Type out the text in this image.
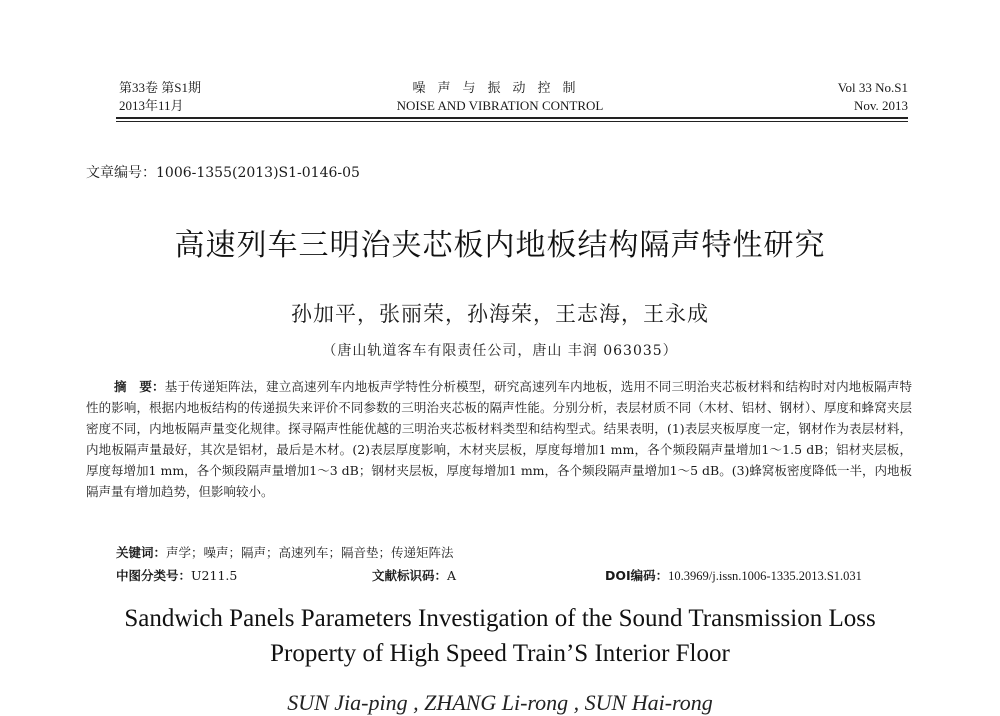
第33卷 第S1期
2013年11月
噪声与振动控制
NOISE AND VIBRATION CONTROL
Vol 33 No.S1
Nov. 2013
文章编号：1006-1355(2013)S1-0146-05
高速列车三明治夹芯板内地板结构隔声特性研究
孙加平，张丽荣，孙海荣，王志海，王永成
（唐山轨道客车有限责任公司，唐山 丰润 063035）
摘　要：基于传递矩阵法，建立高速列车内地板声学特性分析模型，研究高速列车内地板，选用不同三明治夹芯板材料和结构时对内地板隔声特性的影响，根据内地板结构的传递损失来评价不同参数的三明治夹芯板的隔声性能。分别分析，表层材质不同（木材、铝材、钢材）、厚度和蜂窝夹层密度不同，内地板隔声量变化规律。探寻隔声性能优越的三明治夹芯板材料类型和结构型式。结果表明，(1)表层夹板厚度一定，钢材作为表层材料，内地板隔声量最好，其次是铝材，最后是木材。(2)表层厚度影响，木材夹层板，厚度每增加1 mm，各个频段隔声量增加1～1.5 dB；铝材夹层板，厚度每增加1 mm，各个频段隔声量增加1～3 dB；钢材夹层板，厚度每增加1 mm，各个频段隔声量增加1～5 dB。(3)蜂窝板密度降低一半，内地板隔声量有增加趋势，但影响较小。
关键词：声学；噪声；隔声；高速列车；隔音垫；传递矩阵法
中图分类号：U211.5	文献标识码：A	DOI编码：10.3969/j.issn.1006-1335.2013.S1.031
Sandwich Panels Parameters Investigation of the Sound Transmission Loss
Property of High Speed Train’S Interior Floor
SUN Jia-ping , ZHANG Li-rong , SUN Hai-rong
